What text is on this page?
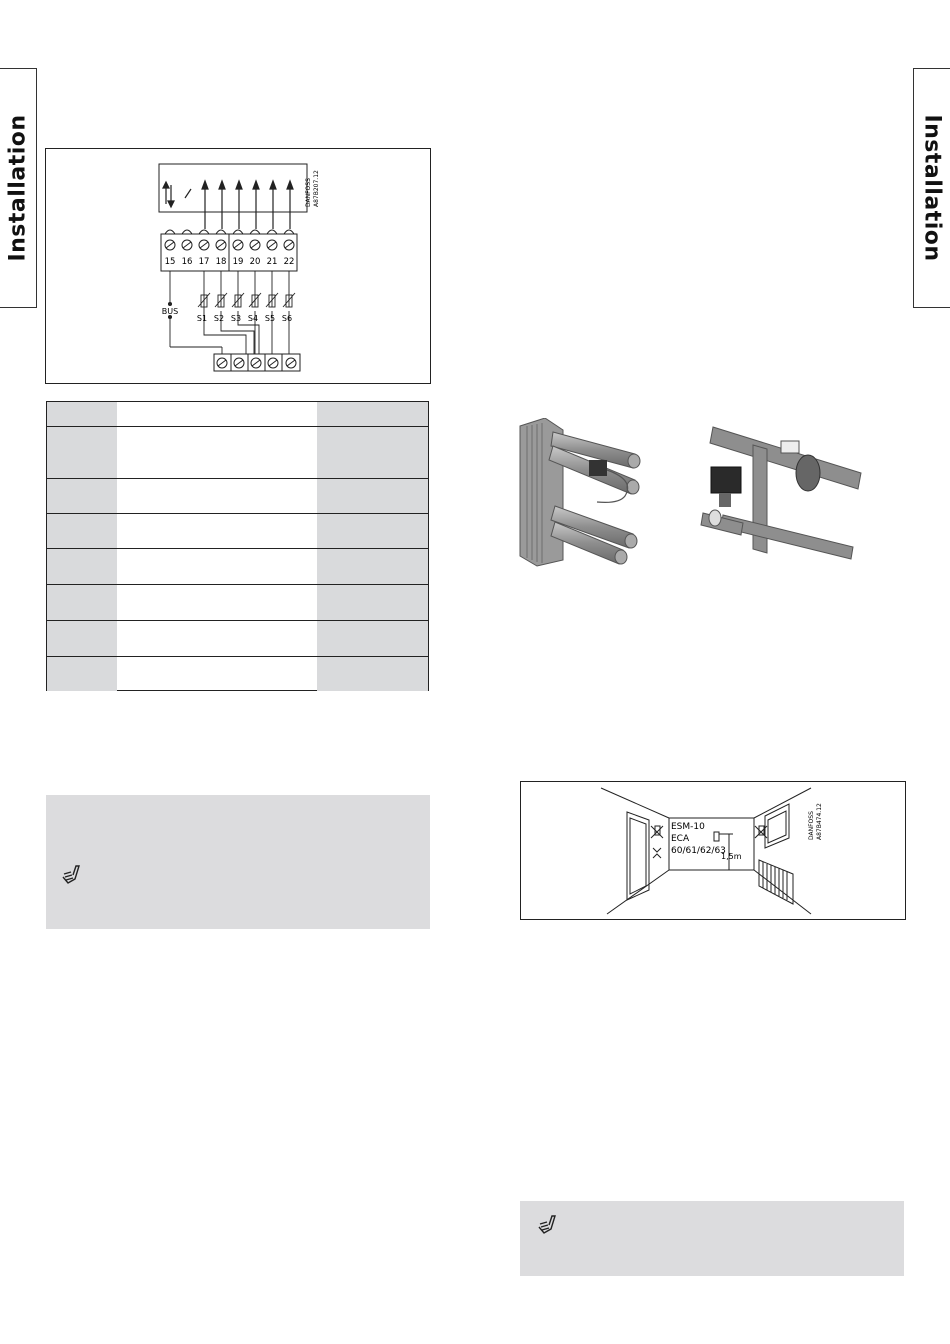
Installation	Installation
DANFOSS A87B207.12
15 16 17 18 19 20 21 22
BUS
S1 S2 S3 S4 S5 S6
ESM-10
ECA
60/61/62/63
1,5m
DANFOSS A87B474.12
